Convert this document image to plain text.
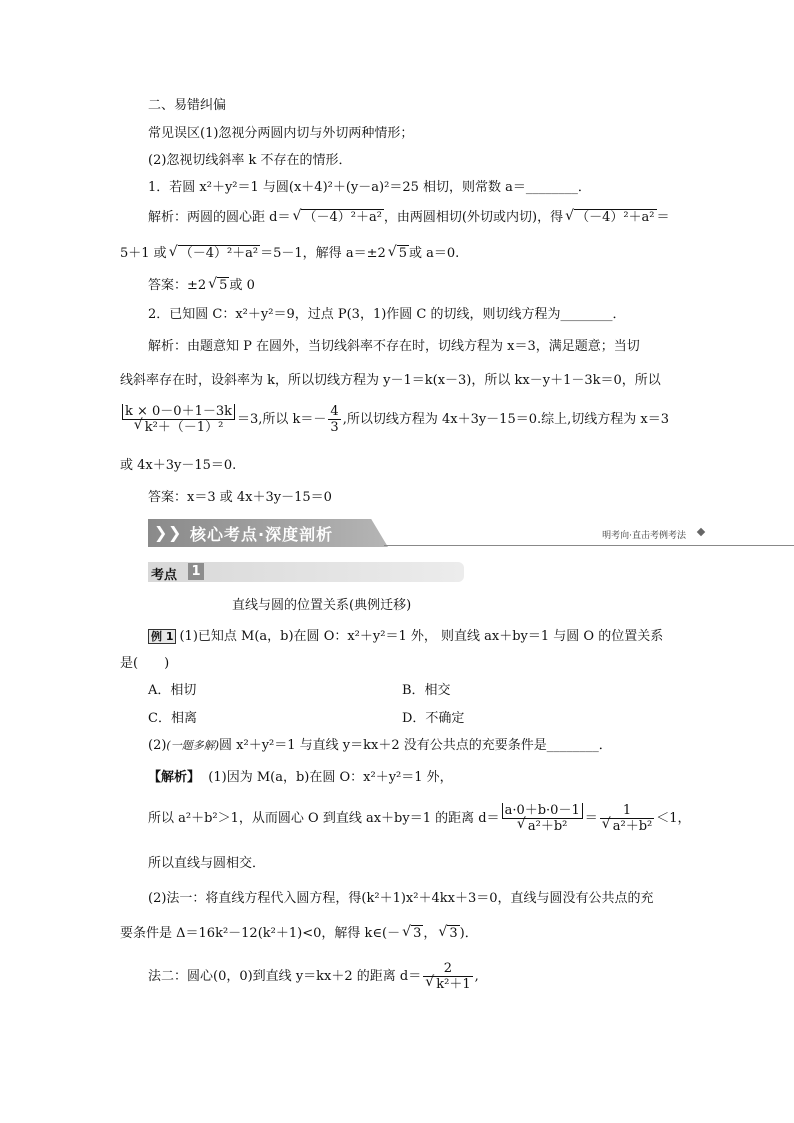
二、易错纠偏
常见误区(1)忽视分两圆内切与外切两种情形；
(2)忽视切线斜率 k 不存在的情形．
1．若圆 x²＋y²＝1 与圆(x＋4)²＋(y－a)²＝25 相切，则常数 a＝________．
解析：两圆的圆心距 d＝ √ （－4）²＋a² ，由两圆相切(外切或内切)，得 √ （－4）²＋a² ＝
5＋1 或 √ （－4）²＋a² ＝5－1，解得 a＝±2 √ 5 或 a＝0.
答案：±2 √ 5 或 0
2．已知圆 C：x²＋y²＝9，过点 P(3，1)作圆 C 的切线，则切线方程为________．
解析：由题意知 P 在圆外，当切线斜率不存在时，切线方程为 x＝3，满足题意；当切
线斜率存在时，设斜率为 k，所以切线方程为 y－1＝k(x－3)，所以 kx－y＋1－3k＝0，所以
k × 0－0＋1－3k
√ k²＋（－1）² ＝3,所以 $k=- \frac{4}{3}$ ,所以切线方程为 4x＋3y－15＝0.综上,切线方程为 x＝3
或 4x＋3y－15＝0.
答案：x＝3 或 4x＋3y－15＝0
❯ ❯ 核心考点·深度剖析	明考向·直击考例考法
考点 1
直线与圆的位置关系(典例迁移)
例 1 (1)已知点 M(a，b)在圆 O：x²＋y²＝1 外， 则直线 ax＋by＝1 与圆 O 的位置关系
是(　　)
A．相切	B．相交
C．相离	D．不确定
(2)(一题多解)圆 x²＋y²＝1 与直线 y＝kx＋2 没有公共点的充要条件是________．
【解析】 (1)因为 M(a，b)在圆 O：x²＋y²＝1 外，
所以 a²＋b²＞1，从而圆心 O 到直线 ax＋by＝1 的距离 d＝ a·0＋b·0－1
√ a²＋b² ＝ 1
√ a²＋b² ＜1，
所以直线与圆相交．
(2)法一：将直线方程代入圆方程，得(k²＋1)x²＋4kx＋3＝0，直线与圆没有公共点的充
要条件是 Δ＝16k²－12(k²＋1)<0，解得 k∈(－ √ 3 ， √ 3 )．
法二：圆心(0，0)到直线 y＝kx＋2 的距离 d＝ 2
√ k²＋1 ,
